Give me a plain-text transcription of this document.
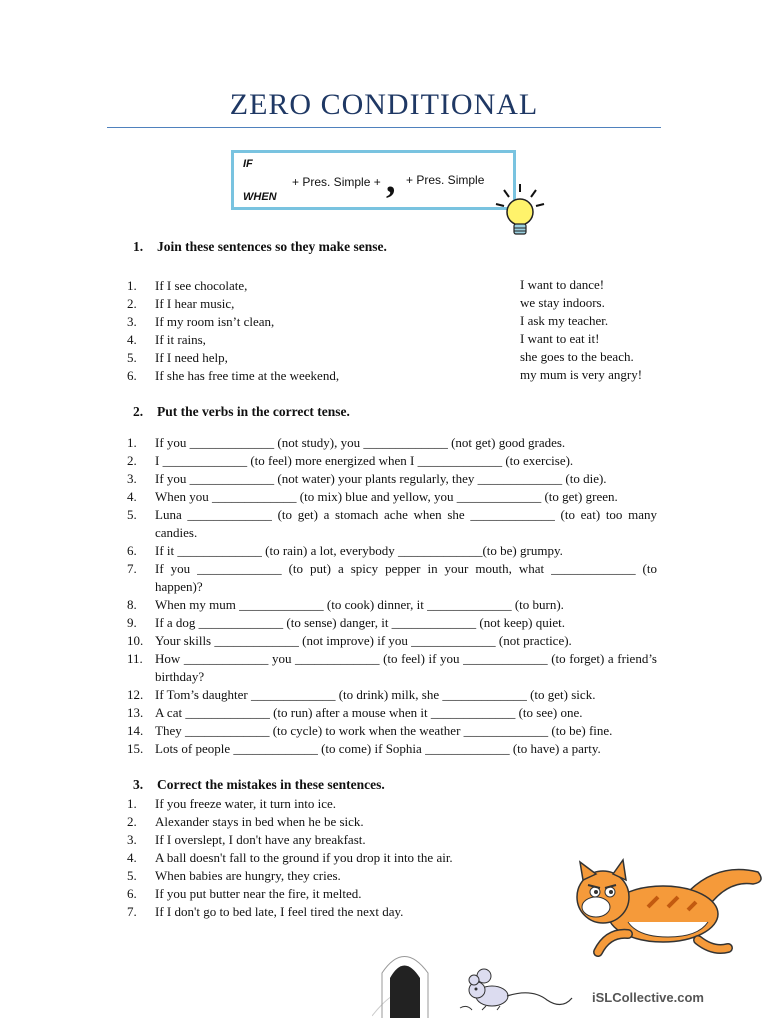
ZERO CONDITIONAL
IF
WHEN
+ Pres. Simple + , + Pres. Simple
1. Join these sentences so they make sense.
1.	If I see chocolate,	I want to dance!
2.	If I hear music,	we stay indoors.
3.	If my room isn’t clean,	I ask my teacher.
4.	If it rains,	I want to eat it!
5.	If I need help,	she goes to the beach.
6.	If she has free time at the weekend,	my mum is very angry!
2. Put the verbs in the correct tense.
1.	If you _____________ (not study), you _____________ (not get) good grades.
2.	I _____________ (to feel) more energized when I _____________ (to exercise).
3.	If you _____________ (not water) your plants regularly, they _____________ (to die).
4.	When you _____________ (to mix) blue and yellow, you _____________ (to get) green.
5.	Luna _____________ (to get) a stomach ache when she _____________ (to eat) too many candies.
6.	If it _____________ (to rain) a lot, everybody _____________(to be) grumpy.
7.	If you _____________ (to put) a spicy pepper in your mouth, what _____________ (to happen)?
8.	When my mum _____________ (to cook) dinner, it _____________ (to burn).
9.	If a dog _____________ (to sense) danger, it _____________ (not keep) quiet.
10. Your skills _____________ (not improve) if you _____________ (not practice).
11. How _____________ you _____________ (to feel) if you _____________ (to forget) a friend’s birthday?
12. If Tom’s daughter _____________ (to drink) milk, she _____________ (to get) sick.
13. A cat _____________ (to run) after a mouse when it _____________ (to see) one.
14. They _____________ (to cycle) to work when the weather _____________ (to be) fine.
15. Lots of people _____________ (to come) if Sophia _____________ (to have) a party.
3. Correct the mistakes in these sentences.
1.	If you freeze water, it turn into ice.
2.	Alexander stays in bed when he be sick.
3.	If I overslept, I don't have any breakfast.
4.	A ball doesn't fall to the ground if you drop it into the air.
5.	When babies are hungry, they cries.
6.	If you put butter near the fire, it melted.
7.	If I don't go to bed late, I feel tired the next day.
iSLCollective.com
